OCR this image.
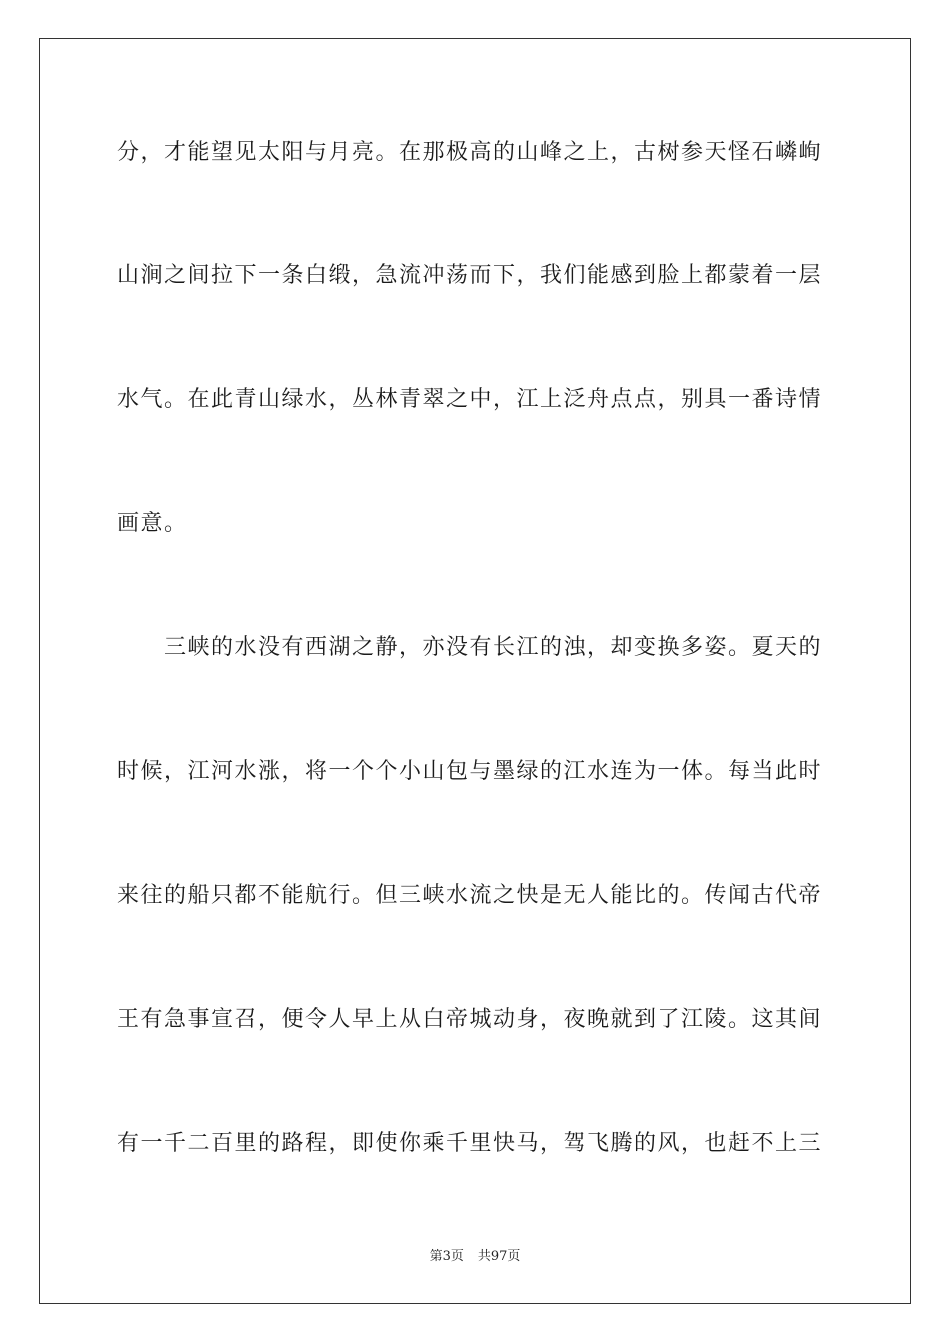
分，才能望见太阳与月亮。在那极高的山峰之上，古树参天怪石嶙峋
山涧之间拉下一条白缎，急流冲荡而下，我们能感到脸上都蒙着一层
水气。在此青山绿水，丛林青翠之中，江上泛舟点点，别具一番诗情
画意。
　　三峡的水没有西湖之静，亦没有长江的浊，却变换多姿。夏天的
时候，江河水涨，将一个个小山包与墨绿的江水连为一体。每当此时
来往的船只都不能航行。但三峡水流之快是无人能比的。传闻古代帝
王有急事宣召，便令人早上从白帝城动身，夜晚就到了江陵。这其间
有一千二百里的路程，即使你乘千里快马，驾飞腾的风，也赶不上三
第3页 共97页
